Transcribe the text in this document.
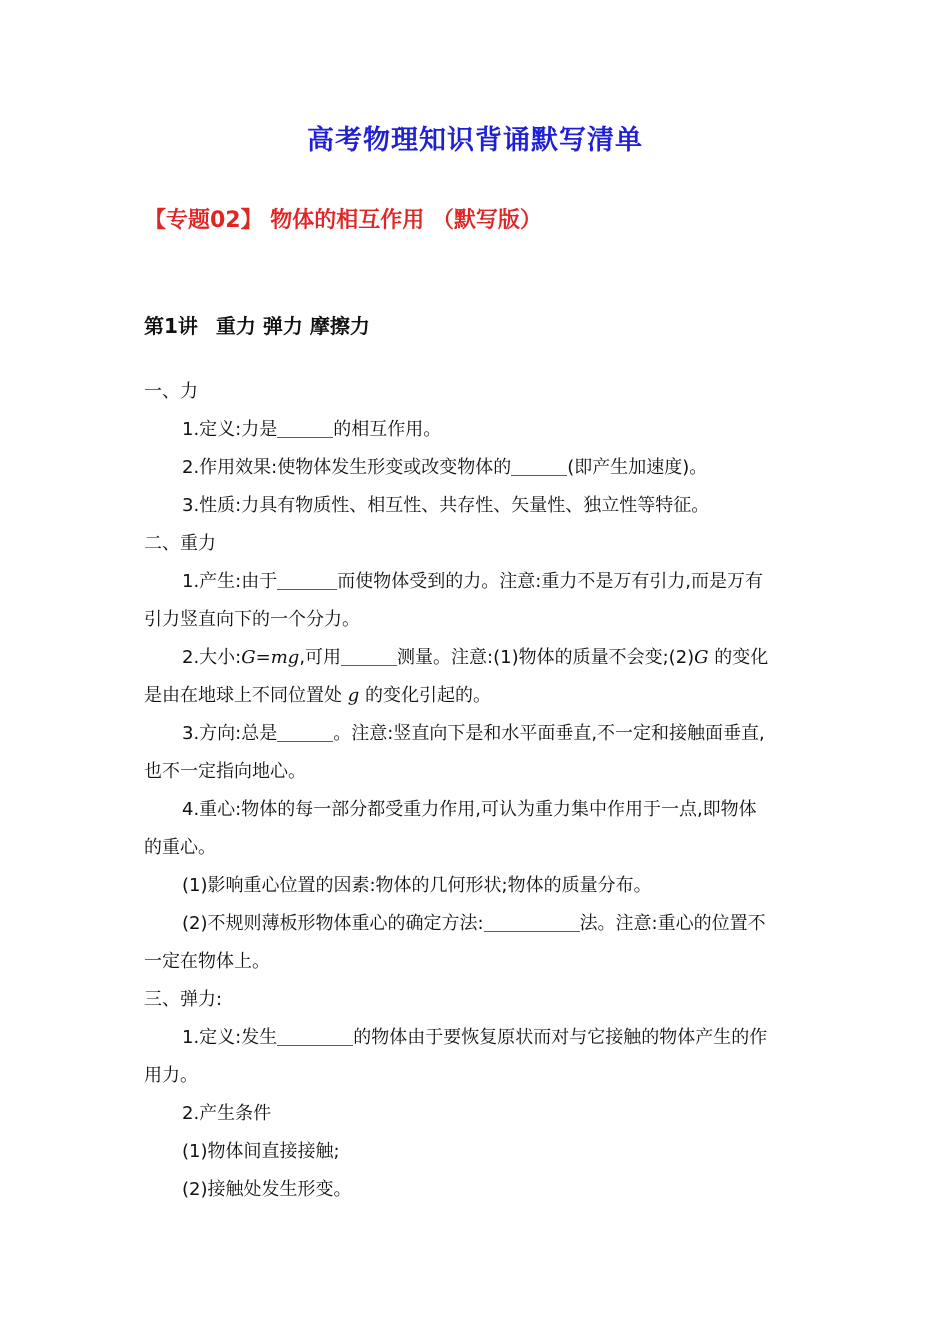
高考物理知识背诵默写清单
【专题02】 物体的相互作用 （默写版）
第1讲 重力 弹力 摩擦力
一、力
1.定义:力是	的相互作用。
2.作用效果:使物体发生形变或改变物体的	(即产生加速度)。
3.性质:力具有物质性、相互性、共存性、矢量性、独立性等特征。
二、重力
1.产生:由于	而使物体受到的力。注意:重力不是万有引力,而是万有
引力竖直向下的一个分力。
2.大小:G=mg,可用	测量。注意:(1)物体的质量不会变;(2)G 的变化
是由在地球上不同位置处 g 的变化引起的。
3.方向:总是	。注意:竖直向下是和水平面垂直,不一定和接触面垂直,
也不一定指向地心。
4.重心:物体的每一部分都受重力作用,可认为重力集中作用于一点,即物体
的重心。
(1)影响重心位置的因素:物体的几何形状;物体的质量分布。
(2)不规则薄板形物体重心的确定方法:	法。注意:重心的位置不
一定在物体上。
三、弹力:
1.定义:发生	的物体由于要恢复原状而对与它接触的物体产生的作
用力。
2.产生条件
(1)物体间直接接触;
(2)接触处发生形变。
